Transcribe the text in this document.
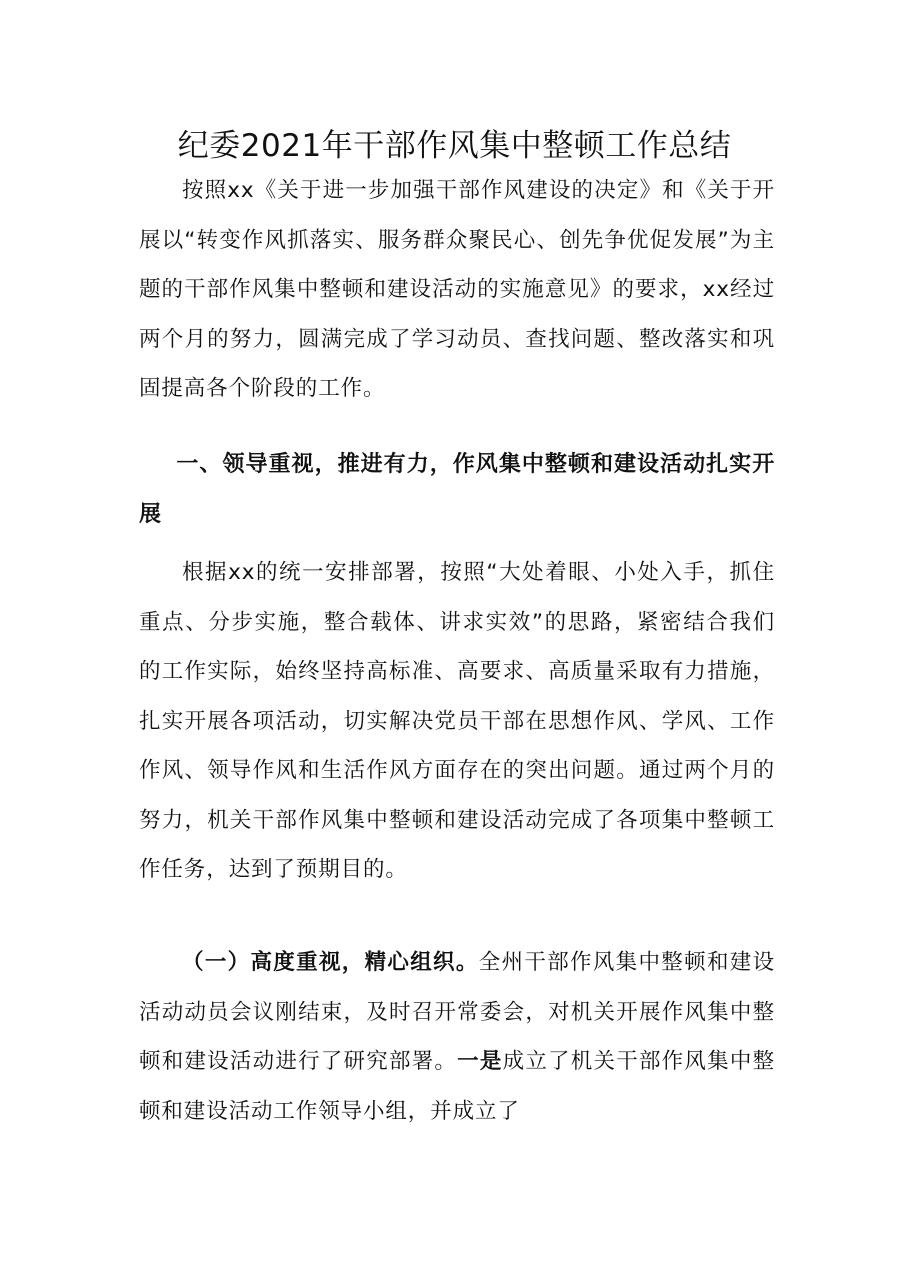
纪委2021年干部作风集中整顿工作总结

按照xx《关于进一步加强干部作风建设的决定》和《关于开展以“转变作风抓落实、服务群众聚民心、创先争优促发展”为主题的干部作风集中整顿和建设活动的实施意见》的要求，xx经过两个月的努力，圆满完成了学习动员、查找问题、整改落实和巩固提高各个阶段的工作。

一、领导重视，推进有力，作风集中整顿和建设活动扎实开展

根据xx的统一安排部署，按照“大处着眼、小处入手，抓住重点、分步实施，整合载体、讲求实效”的思路，紧密结合我们的工作实际，始终坚持高标准、高要求、高质量采取有力措施，扎实开展各项活动，切实解决党员干部在思想作风、学风、工作作风、领导作风和生活作风方面存在的突出问题。通过两个月的努力，机关干部作风集中整顿和建设活动完成了各项集中整顿工作任务，达到了预期目的。

（一）高度重视，精心组织。全州干部作风集中整顿和建设活动动员会议刚结束，及时召开常委会，对机关开展作风集中整顿和建设活动进行了研究部署。一是成立了机关干部作风集中整顿和建设活动工作领导小组，并成立了
